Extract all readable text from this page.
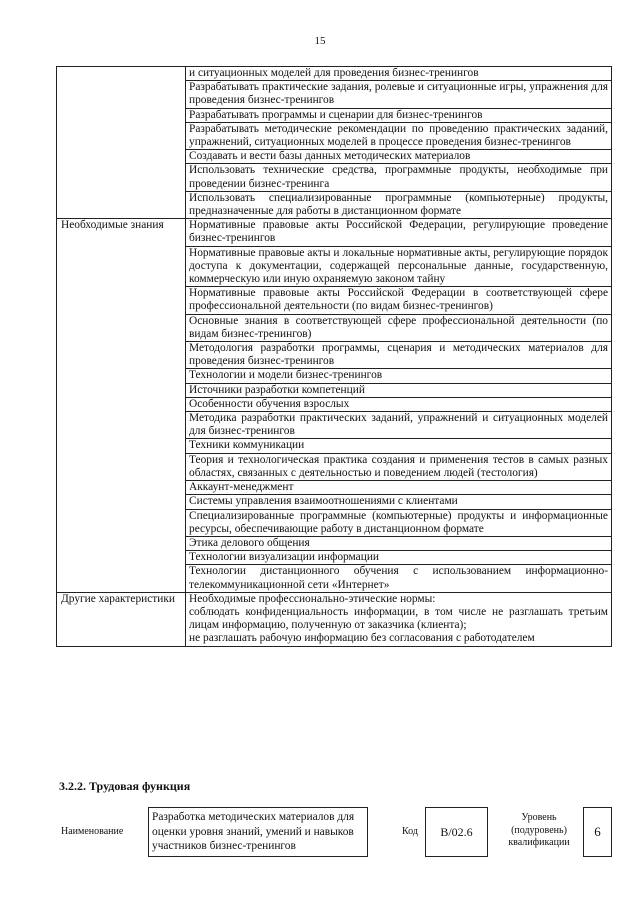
15
	и ситуационных моделей для проведения бизнес-тренингов
	Разрабатывать практические задания, ролевые и ситуационные игры, упражнения для проведения бизнес-тренингов
	Разрабатывать программы и сценарии для бизнес-тренингов
	Разрабатывать методические рекомендации по проведению практических заданий, упражнений, ситуационных моделей в процессе проведения бизнес-тренингов
	Создавать и вести базы данных методических материалов
	Использовать технические средства, программные продукты, необходимые при проведении бизнес-тренинга
	Использовать специализированные программные (компьютерные) продукты, предназначенные для работы в дистанционном формате
Необходимые знания	Нормативные правовые акты Российской Федерации, регулирующие проведение бизнес-тренингов
	Нормативные правовые акты и локальные нормативные акты, регулирующие порядок доступа к документации, содержащей персональные данные, государственную, коммерческую или иную охраняемую законом тайну
	Нормативные правовые акты Российской Федерации в соответствующей сфере профессиональной деятельности (по видам бизнес-тренингов)
	Основные знания в соответствующей сфере профессиональной деятельности (по видам бизнес-тренингов)
	Методология разработки программы, сценария и методических материалов для проведения бизнес-тренингов
	Технологии и модели бизнес-тренингов
	Источники разработки компетенций
	Особенности обучения взрослых
	Методика разработки практических заданий, упражнений и ситуационных моделей для бизнес-тренингов
	Техники коммуникации
	Теория и технологическая практика создания и применения тестов в самых разных областях, связанных с деятельностью и поведением людей (тестология)
	Аккаунт-менеджмент
	Системы управления взаимоотношениями с клиентами
	Специализированные программные (компьютерные) продукты и информационные ресурсы, обеспечивающие работу в дистанционном формате
	Этика делового общения
	Технологии визуализации информации
	Технологии дистанционного обучения с использованием информационно-телекоммуникационной сети «Интернет»
Другие характеристики	Необходимые профессионально-этические нормы:
соблюдать конфиденциальность информации, в том числе не разглашать третьим лицам информацию, полученную от заказчика (клиента);
не разглашать рабочую информацию без согласования с работодателем
3.2.2. Трудовая функция
Наименование
Разработка методических материалов для оценки уровня знаний, умений и навыков участников бизнес-тренингов
Код	B/02.6
Уровень
(подуровень)
квалификации
6
